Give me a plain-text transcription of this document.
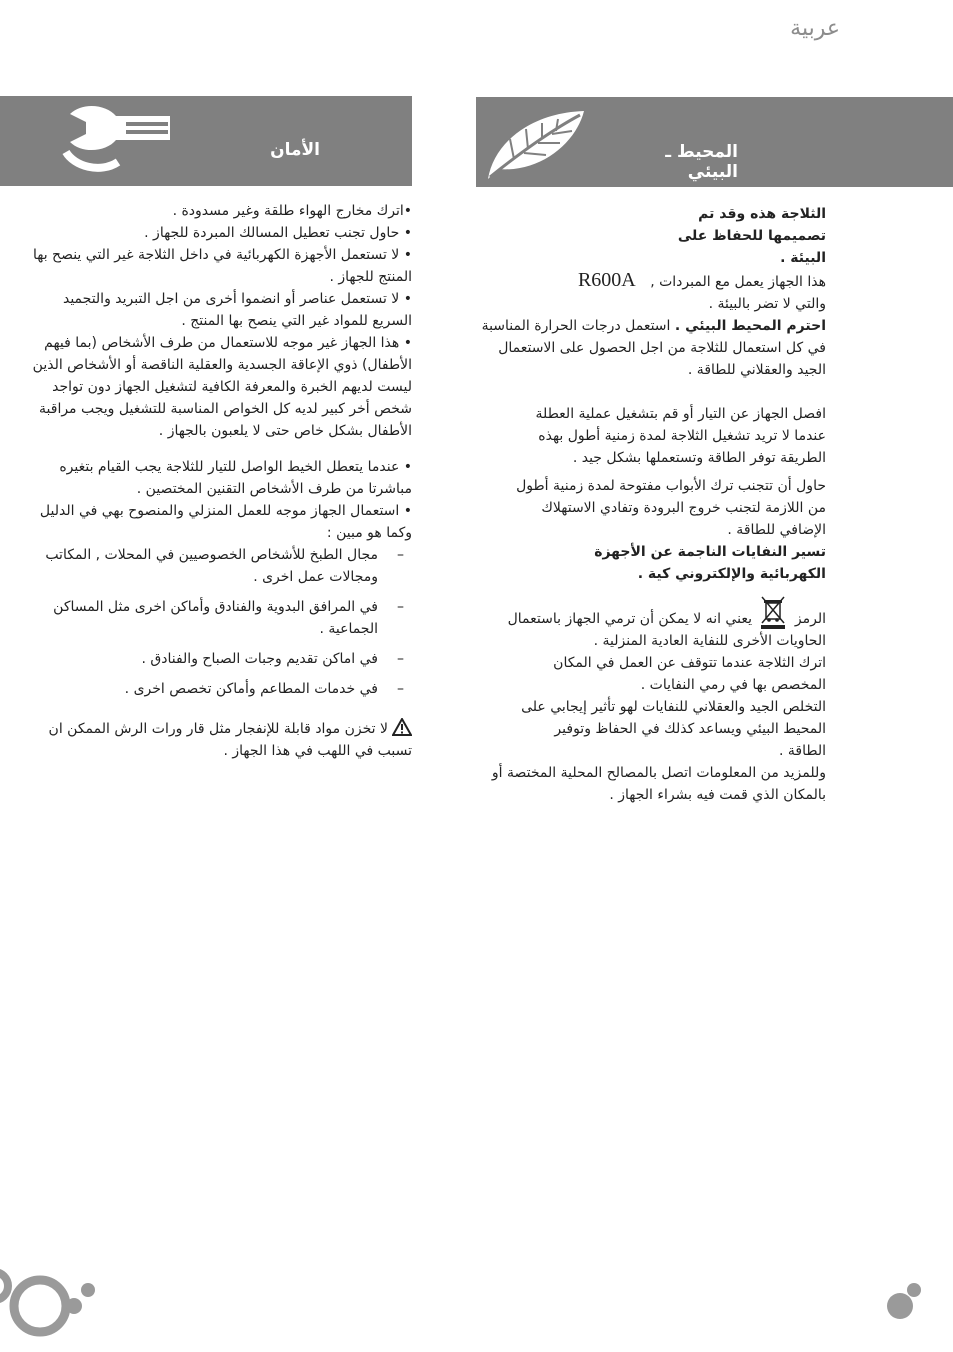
عربية
الأمان	المحيط ـ البيئي

•اترك مخارج الهواء طلقة وغير مسدودة .

• حاول تجنب تعطيل المسالك المبردة للجهاز .

• لا تستعمل الأجهزة الكهربائية في داخل الثلاجة غير التي ينصح بها المنتج للجهاز .

• لا تستعمل عناصر أو انضموا أخرى من اجل التبريد والتجميد السريع للمواد غير التي ينصح بها المنتج .

• هذا الجهاز غير موجه للاستعمال من طرف الأشخاص (بما فيهم الأطفال) ذوي الإعاقة الجسدية والعقلية الناقصة أو الأشخاص الذين ليست لديهم الخبرة والمعرفة الكافية لتشغيل الجهاز دون تواجد شخص أخر كبير لديه كل الخواص المناسبة للتشغيل ويجب مراقبة الأطفال بشكل خاص حتى لا يلعبون بالجهاز .

• عندما يتعطل الخيط الواصل للتيار للثلاجة يجب القيام بتغيره مباشرتا من طرف الأشخاص التقنين المختصين .

• استعمال الجهاز موجه للعمل المنزلي والمنصوح بهي في الدليل وكما هو مبين :

–
مجال الطبخ للأشخاص الخصوصيين في المحلات , المكاتب ومجالات عمل اخرى .
–
في المرافق البدوية والفنادق وأماكن اخرى مثل المساكن الجماعية .
–
في اماكن تقديم وجبات الصباح والفنادق .
–
في خدمات المطاعم وأماكن تخصص اخرى .

لا تخزن مواد قابلة للإنفجار مثل قار ورات الرش الممكن ان تسبب في اللهب في هذا الجهاز .

الثلاجة هذه وقد تم تصميمها للحفاظ على البيئة .

هذا الجهاز يعمل مع المبردات , R600A
والتي لا تضر بالبيئة .

احترم المحيط البيئي . استعمل درجات الحرارة المناسبة في كل استعمال للثلاجة من اجل الحصول على الاستعمال الجيد والعقلاني للطاقة .

افصل الجهاز عن التيار أو قم بتشغيل عملية العطلة عندما لا تريد تشغيل الثلاجة لمدة زمنية أطول بهذه الطريقة توفر الطاقة وتستعملها بشكل جيد .

حاول أن تتجنب ترك الأبواب مفتوحة لمدة زمنية أطول من اللازمة لتجنب خروج البرودة وتفادي الاستهلاك الإضافي للطاقة .

تسير النفايات الناجمة عن الأجهزة الكهربائية والإلكتروني كية .

الرمز  يعني انه لا يمكن أن ترمي الجهاز باستعمال الحاويات الأخرى للنفاية العادية المنزلية .

اترك الثلاجة عندما تتوقف عن العمل في المكان المخصص بها في رمي النفايات .

التخلص الجيد والعقلاني للنفايات لهو تأثير إيجابي على المحيط البيئي ويساعد كذلك في الحفاظ وتوفير الطاقة .

وللمزيد من المعلومات اتصل بالمصالح المحلية المختصة أو بالمكان الذي قمت فيه بشراء الجهاز .
